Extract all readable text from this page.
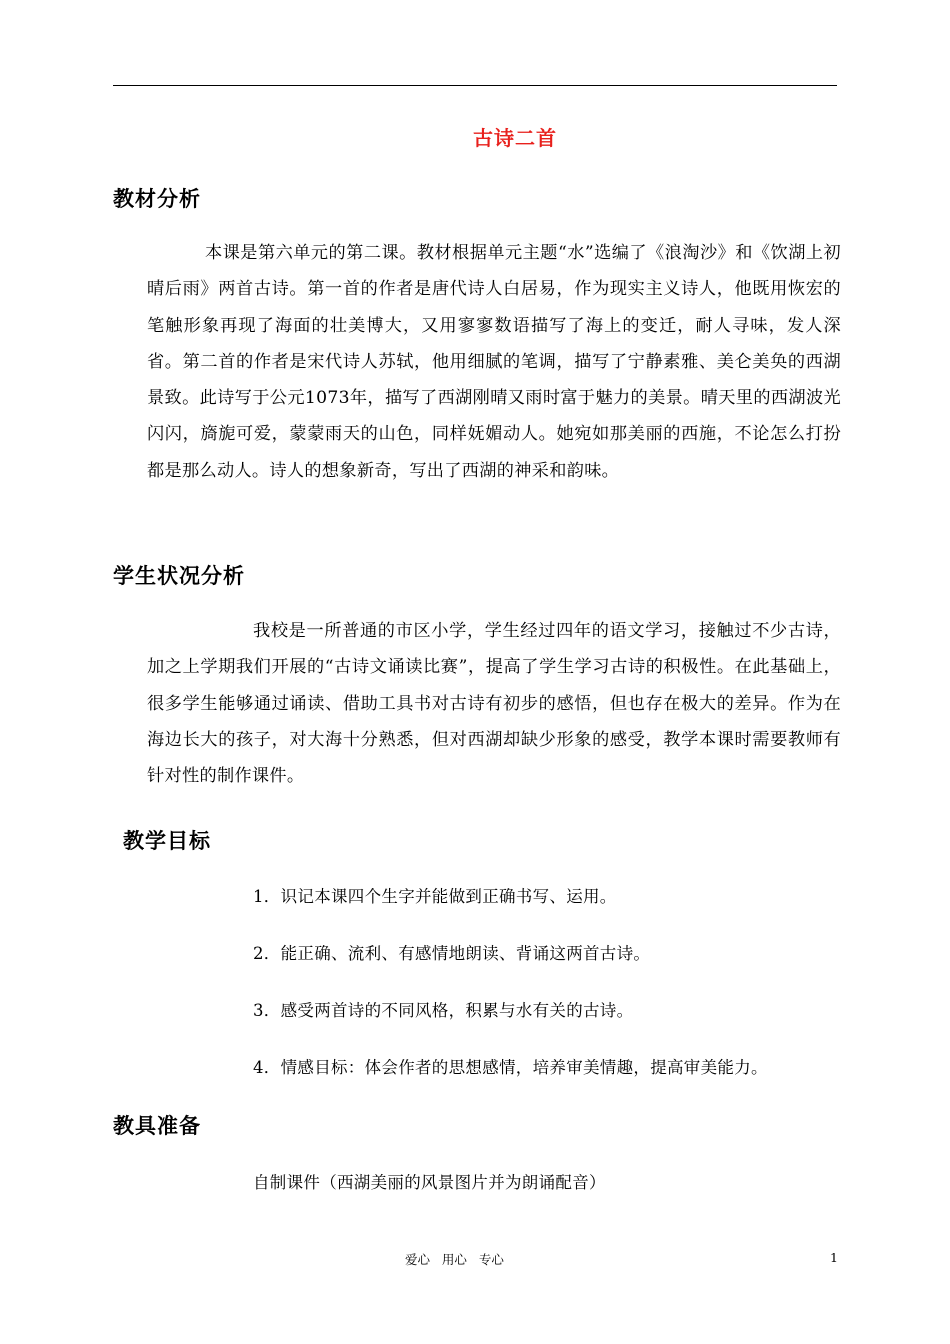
古诗二首
教材分析

本课是第六单元的第二课。教材根据单元主题“水”选编了《浪淘沙》和《饮湖上初晴后雨》两首古诗。第一首的作者是唐代诗人白居易，作为现实主义诗人，他既用恢宏的笔触形象再现了海面的壮美博大，又用寥寥数语描写了海上的变迁，耐人寻味，发人深省。第二首的作者是宋代诗人苏轼，他用细腻的笔调，描写了宁静素雅、美仑美奂的西湖景致。此诗写于公元1073年，描写了西湖刚晴又雨时富于魅力的美景。晴天里的西湖波光闪闪，旖旎可爱，蒙蒙雨天的山色，同样妩媚动人。她宛如那美丽的西施，不论怎么打扮都是那么动人。诗人的想象新奇，写出了西湖的神采和韵味。

学生状况分析

我校是一所普通的市区小学，学生经过四年的语文学习，接触过不少古诗，加之上学期我们开展的“古诗文诵读比赛”，提高了学生学习古诗的积极性。在此基础上，很多学生能够通过诵读、借助工具书对古诗有初步的感悟，但也存在极大的差异。作为在海边长大的孩子，对大海十分熟悉，但对西湖却缺少形象的感受，教学本课时需要教师有针对性的制作课件。

教学目标
1．识记本课四个生字并能做到正确书写、运用。
2．能正确、流利、有感情地朗读、背诵这两首古诗。
3．感受两首诗的不同风格，积累与水有关的古诗。
4．情感目标：体会作者的思想感情，培养审美情趣，提高审美能力。
教具准备
自制课件（西湖美丽的风景图片并为朗诵配音）
爱心   用心   专心	1
